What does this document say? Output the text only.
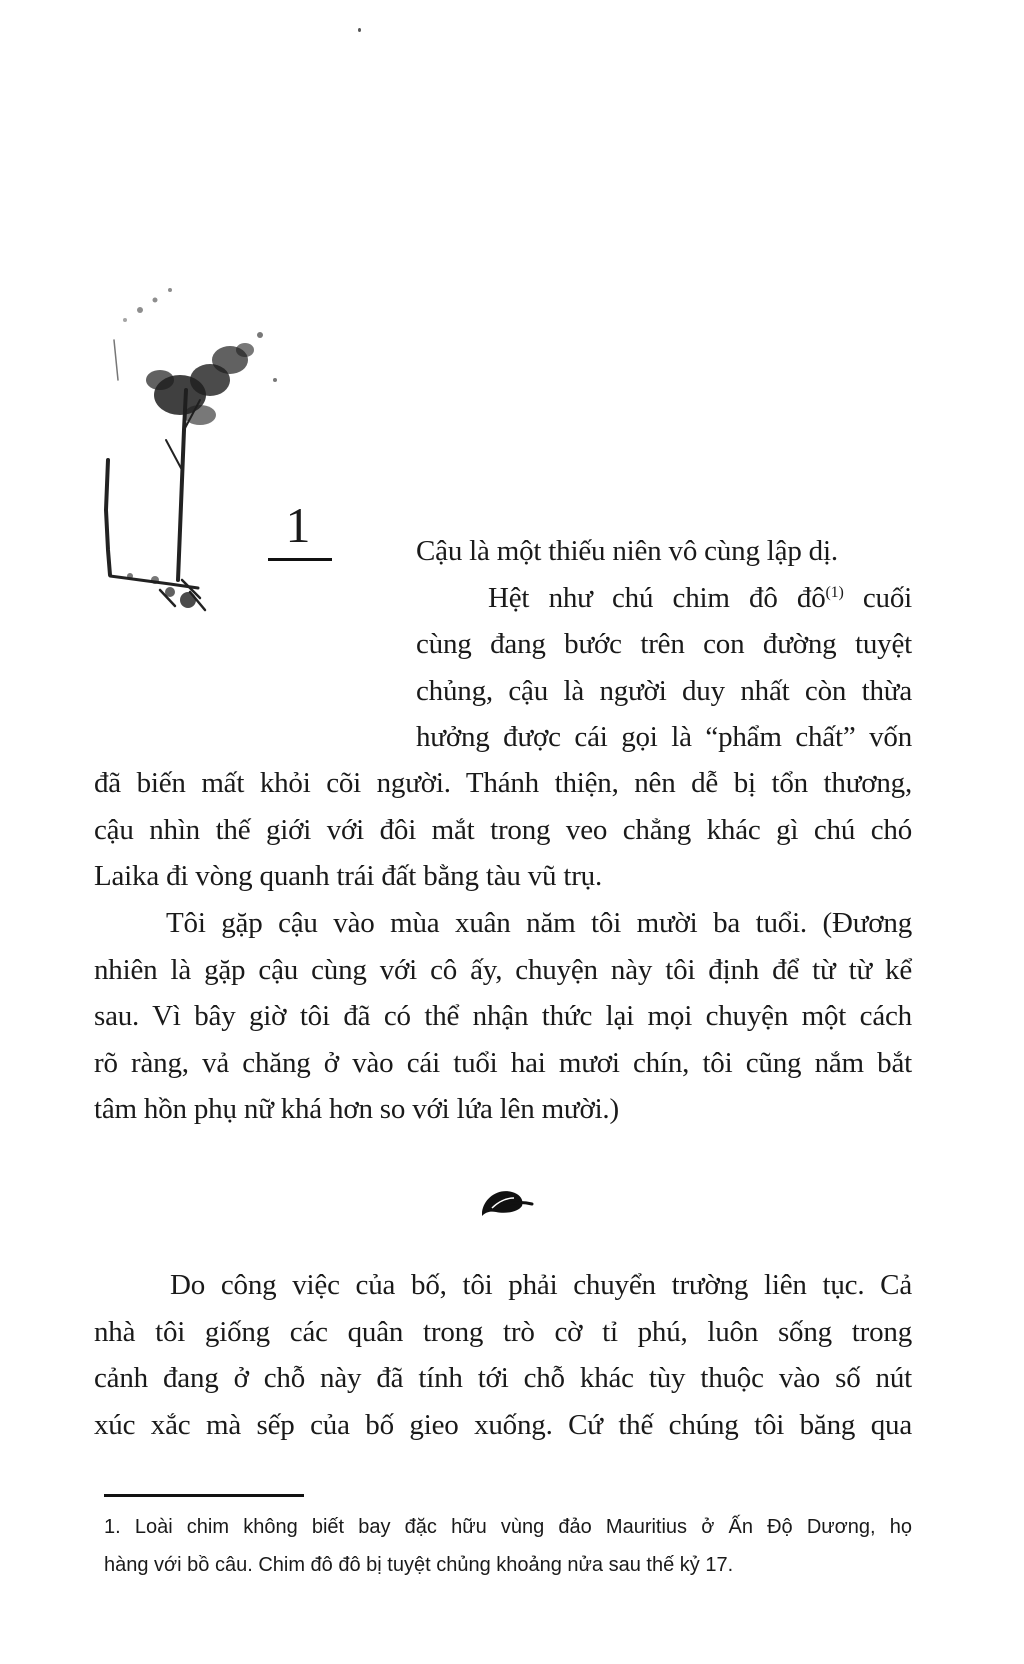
1	Cậu là một thiếu niên vô cùng lập dị.
Hệt như chú chim đô đô$^{(1)}$ cuối
cùng đang bước trên con đường tuyệt
chủng, cậu là người duy nhất còn thừa
hưởng được cái gọi là “phẩm chất” vốn
đã biến mất khỏi cõi người. Thánh thiện, nên dễ bị tổn thương,
cậu nhìn thế giới với đôi mắt trong veo chẳng khác gì chú chó
Laika đi vòng quanh trái đất bằng tàu vũ trụ.
Tôi gặp cậu vào mùa xuân năm tôi mười ba tuổi. (Đương
nhiên là gặp cậu cùng với cô ấy, chuyện này tôi định để từ từ kể
sau. Vì bây giờ tôi đã có thể nhận thức lại mọi chuyện một cách
rõ ràng, vả chăng ở vào cái tuổi hai mươi chín, tôi cũng nắm bắt
tâm hồn phụ nữ khá hơn so với lứa lên mười.)
Do công việc của bố, tôi phải chuyển trường liên tục. Cả
nhà tôi giống các quân trong trò cờ tỉ phú, luôn sống trong
cảnh đang ở chỗ này đã tính tới chỗ khác tùy thuộc vào số nút
xúc xắc mà sếp của bố gieo xuống. Cứ thế chúng tôi băng qua
1. Loài chim không biết bay đặc hữu vùng đảo Mauritius ở Ấn Độ Dương, họ
hàng với bồ câu. Chim đô đô bị tuyệt chủng khoảng nửa sau thế kỷ 17.
